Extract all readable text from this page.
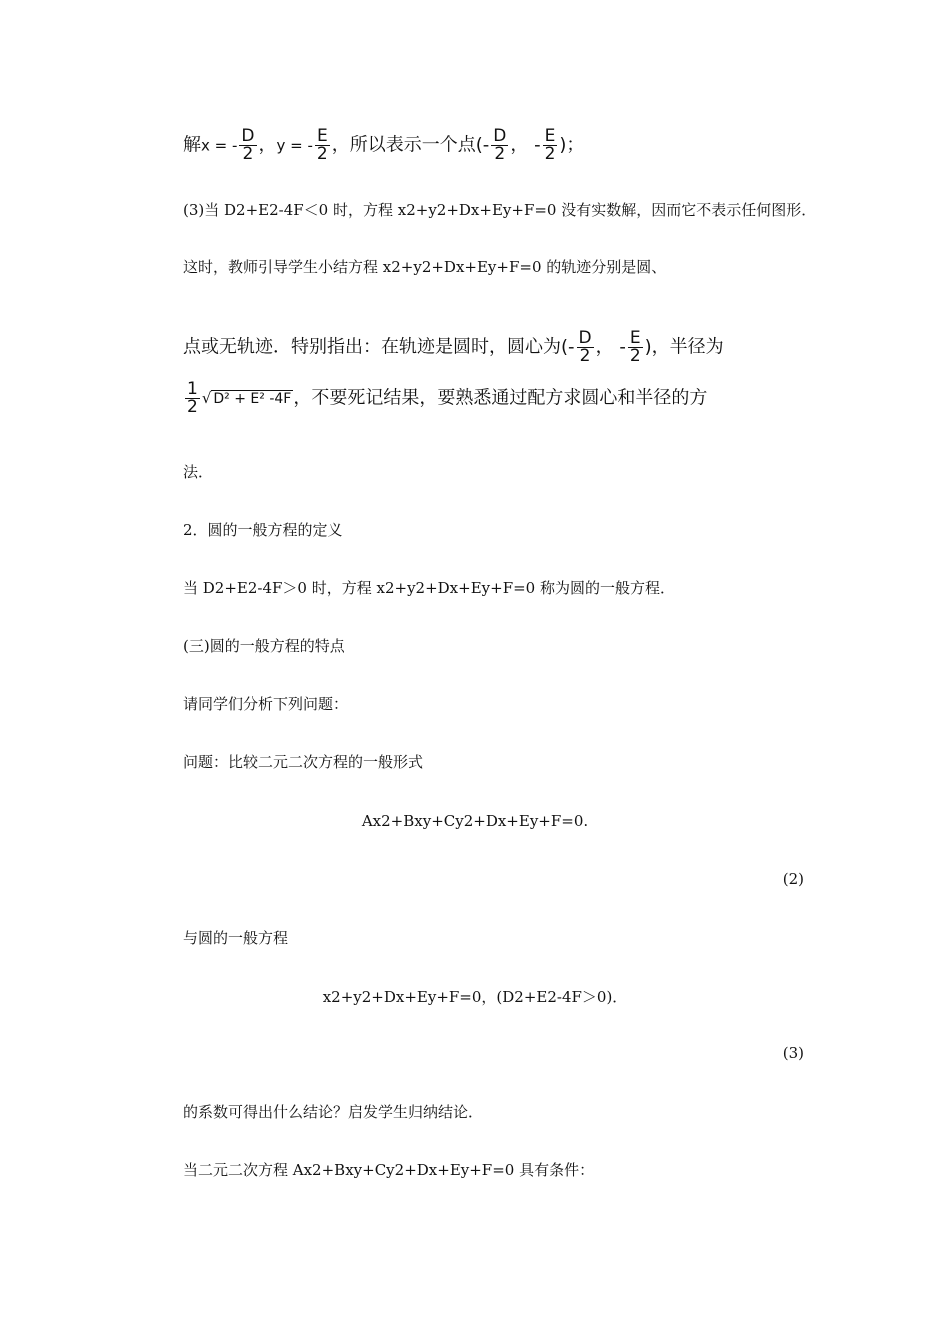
解x = - $\frac{D}{2}$ ，y = - $\frac{E}{2}$ ，所以表示一个点(- $\frac{D}{2}$ ， - $\frac{E}{2}$ )；
(3)当 D2+E2-4F＜0 时，方程 x2+y2+Dx+Ey+F=0 没有实数解，因而它不表示任何图形．
这时，教师引导学生小结方程 x2+y2+Dx+Ey+F=0 的轨迹分别是圆、
点或无轨迹．特别指出：在轨迹是圆时，圆心为(- $\frac{D}{2}$ ， - $\frac{E}{2}$ )，半径为
$\frac{1}{2}$ √ D² + E² -4F ，不要死记结果，要熟悉通过配方求圆心和半径的方
法．
2．圆的一般方程的定义
当 D2+E2-4F＞0 时，方程 x2+y2+Dx+Ey+F=0 称为圆的一般方程．
(三)圆的一般方程的特点
请同学们分析下列问题：
问题：比较二元二次方程的一般形式
Ax2+Bxy+Cy2+Dx+Ey+F=0.
(2)
与圆的一般方程
x2+y2+Dx+Ey+F=0，(D2+E2-4F＞0)．
(3)
的系数可得出什么结论？启发学生归纳结论．
当二元二次方程 Ax2+Bxy+Cy2+Dx+Ey+F=0 具有条件：
